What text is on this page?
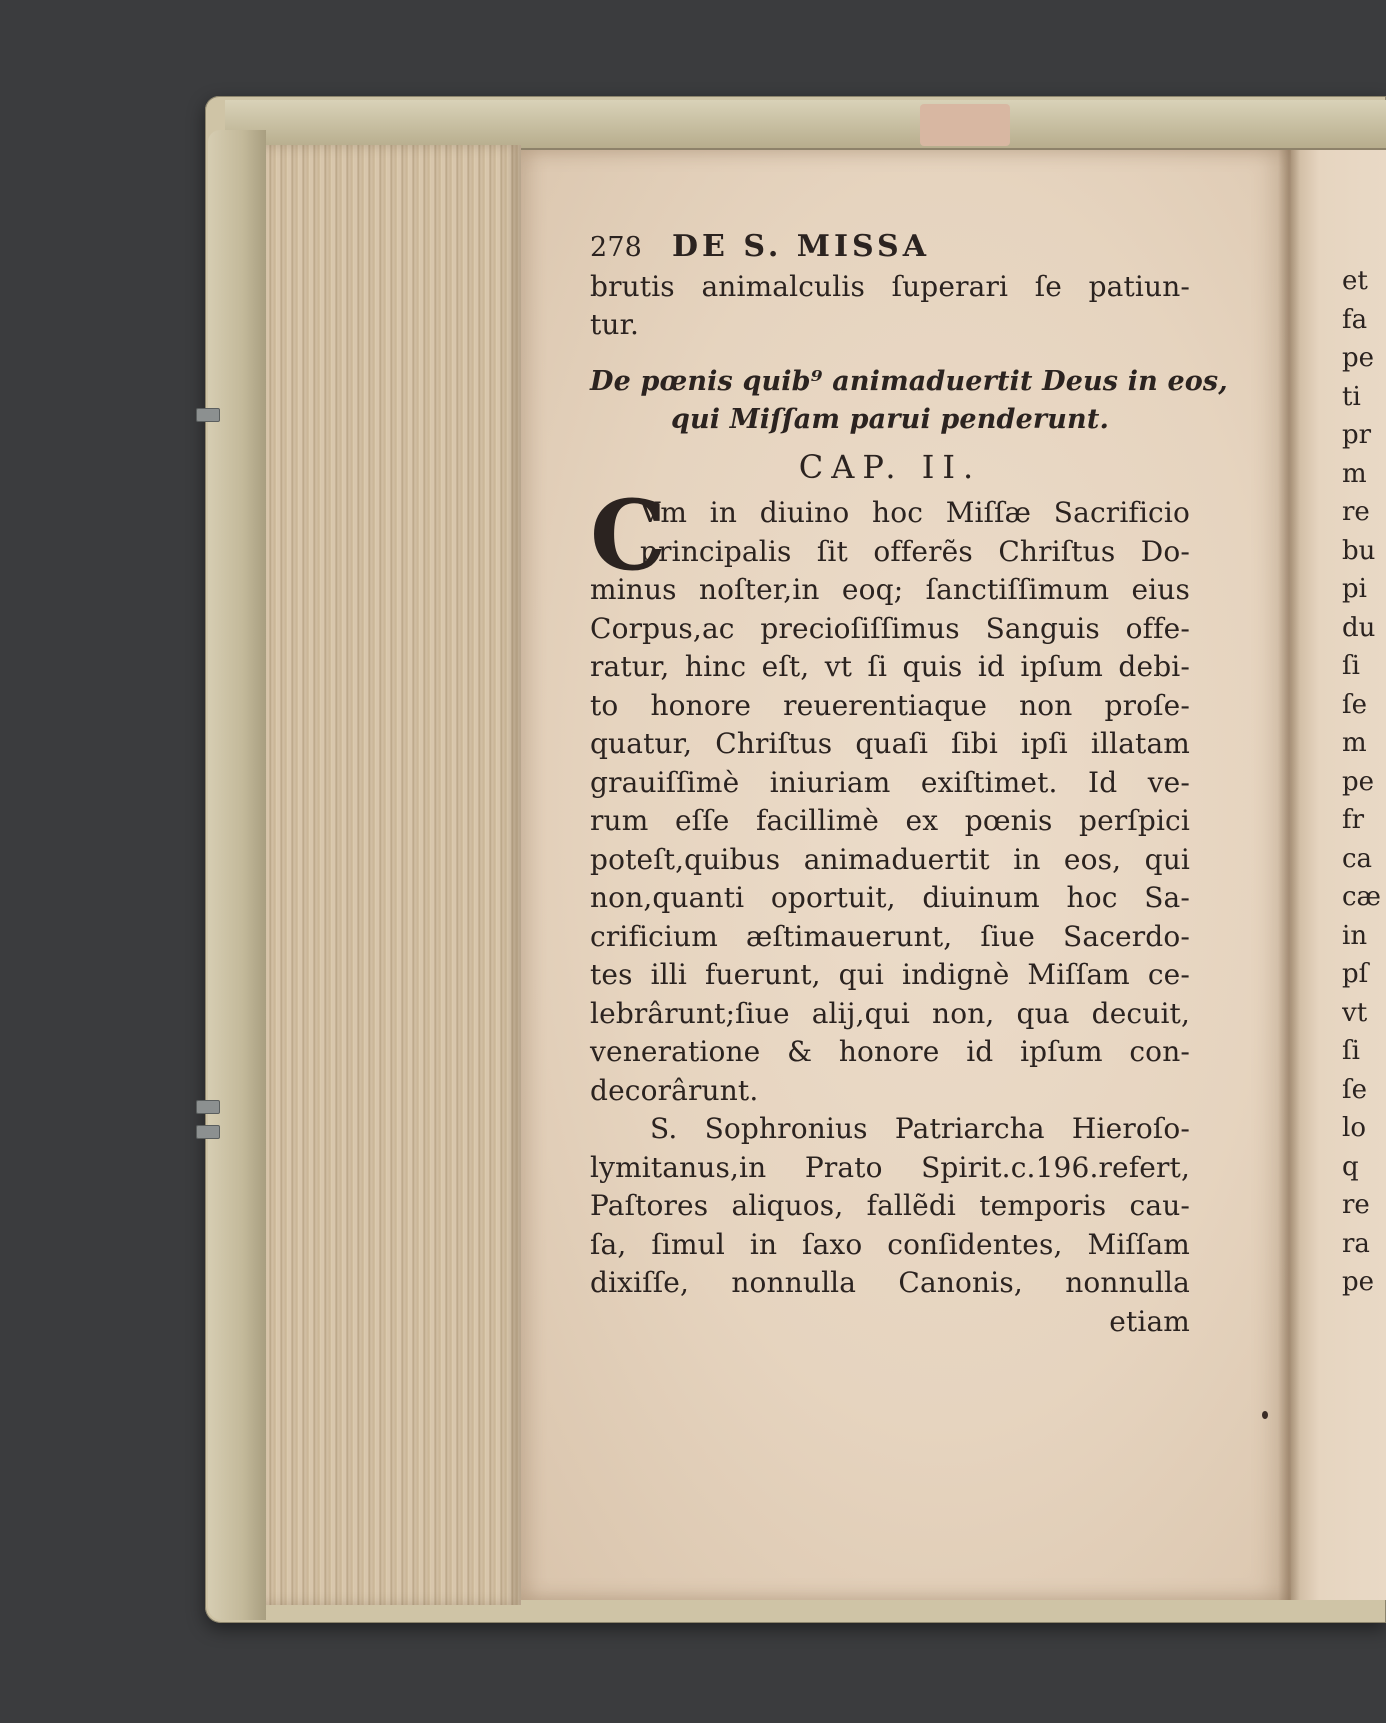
278	DE S. MISSA
brutis animalculis ſuperari ſe patiun-
tur.
De pœnis quib⁹ animaduertit Deus in eos,
qui Miſſam parui penderunt.
CAP. II.
C
Vm in diuino hoc Miſſæ Sacrificio
principalis ſit offerẽs Chriſtus Do-
minus noſter,in eoq; ſanctiſſimum eius
Corpus,ac precioſiſſimus Sanguis offe-
ratur, hinc eſt, vt ſi quis id ipſum debi-
to honore reuerentiaque non proſe-
quatur, Chriſtus quaſi ſibi ipſi illatam
grauiſſimè iniuriam exiſtimet. Id ve-
rum eſſe facillimè ex pœnis perſpici
poteſt,quibus animaduertit in eos, qui
non,quanti oportuit, diuinum hoc Sa-
crificium æſtimauerunt, ſiue Sacerdo-
tes illi fuerunt, qui indignè Miſſam ce-
lebrârunt;ſiue alij,qui non, qua decuit,
veneratione & honore id ipſum con-
decorârunt.
S. Sophronius Patriarcha Hieroſo-
lymitanus,in Prato Spirit.c.196.refert,
Paſtores aliquos, fallẽdi temporis cau-
ſa, ſimul in ſaxo conſidentes, Miſſam
dixiſſe, nonnulla Canonis, nonnulla
etiam
et
fa
pe
ti
pr
m
re
bu
pi
du
ſi
ſe
m
pe
fr
ca
cæ
in
pſ
vt
ſi
ſe
lo
q
re
ra
pe
